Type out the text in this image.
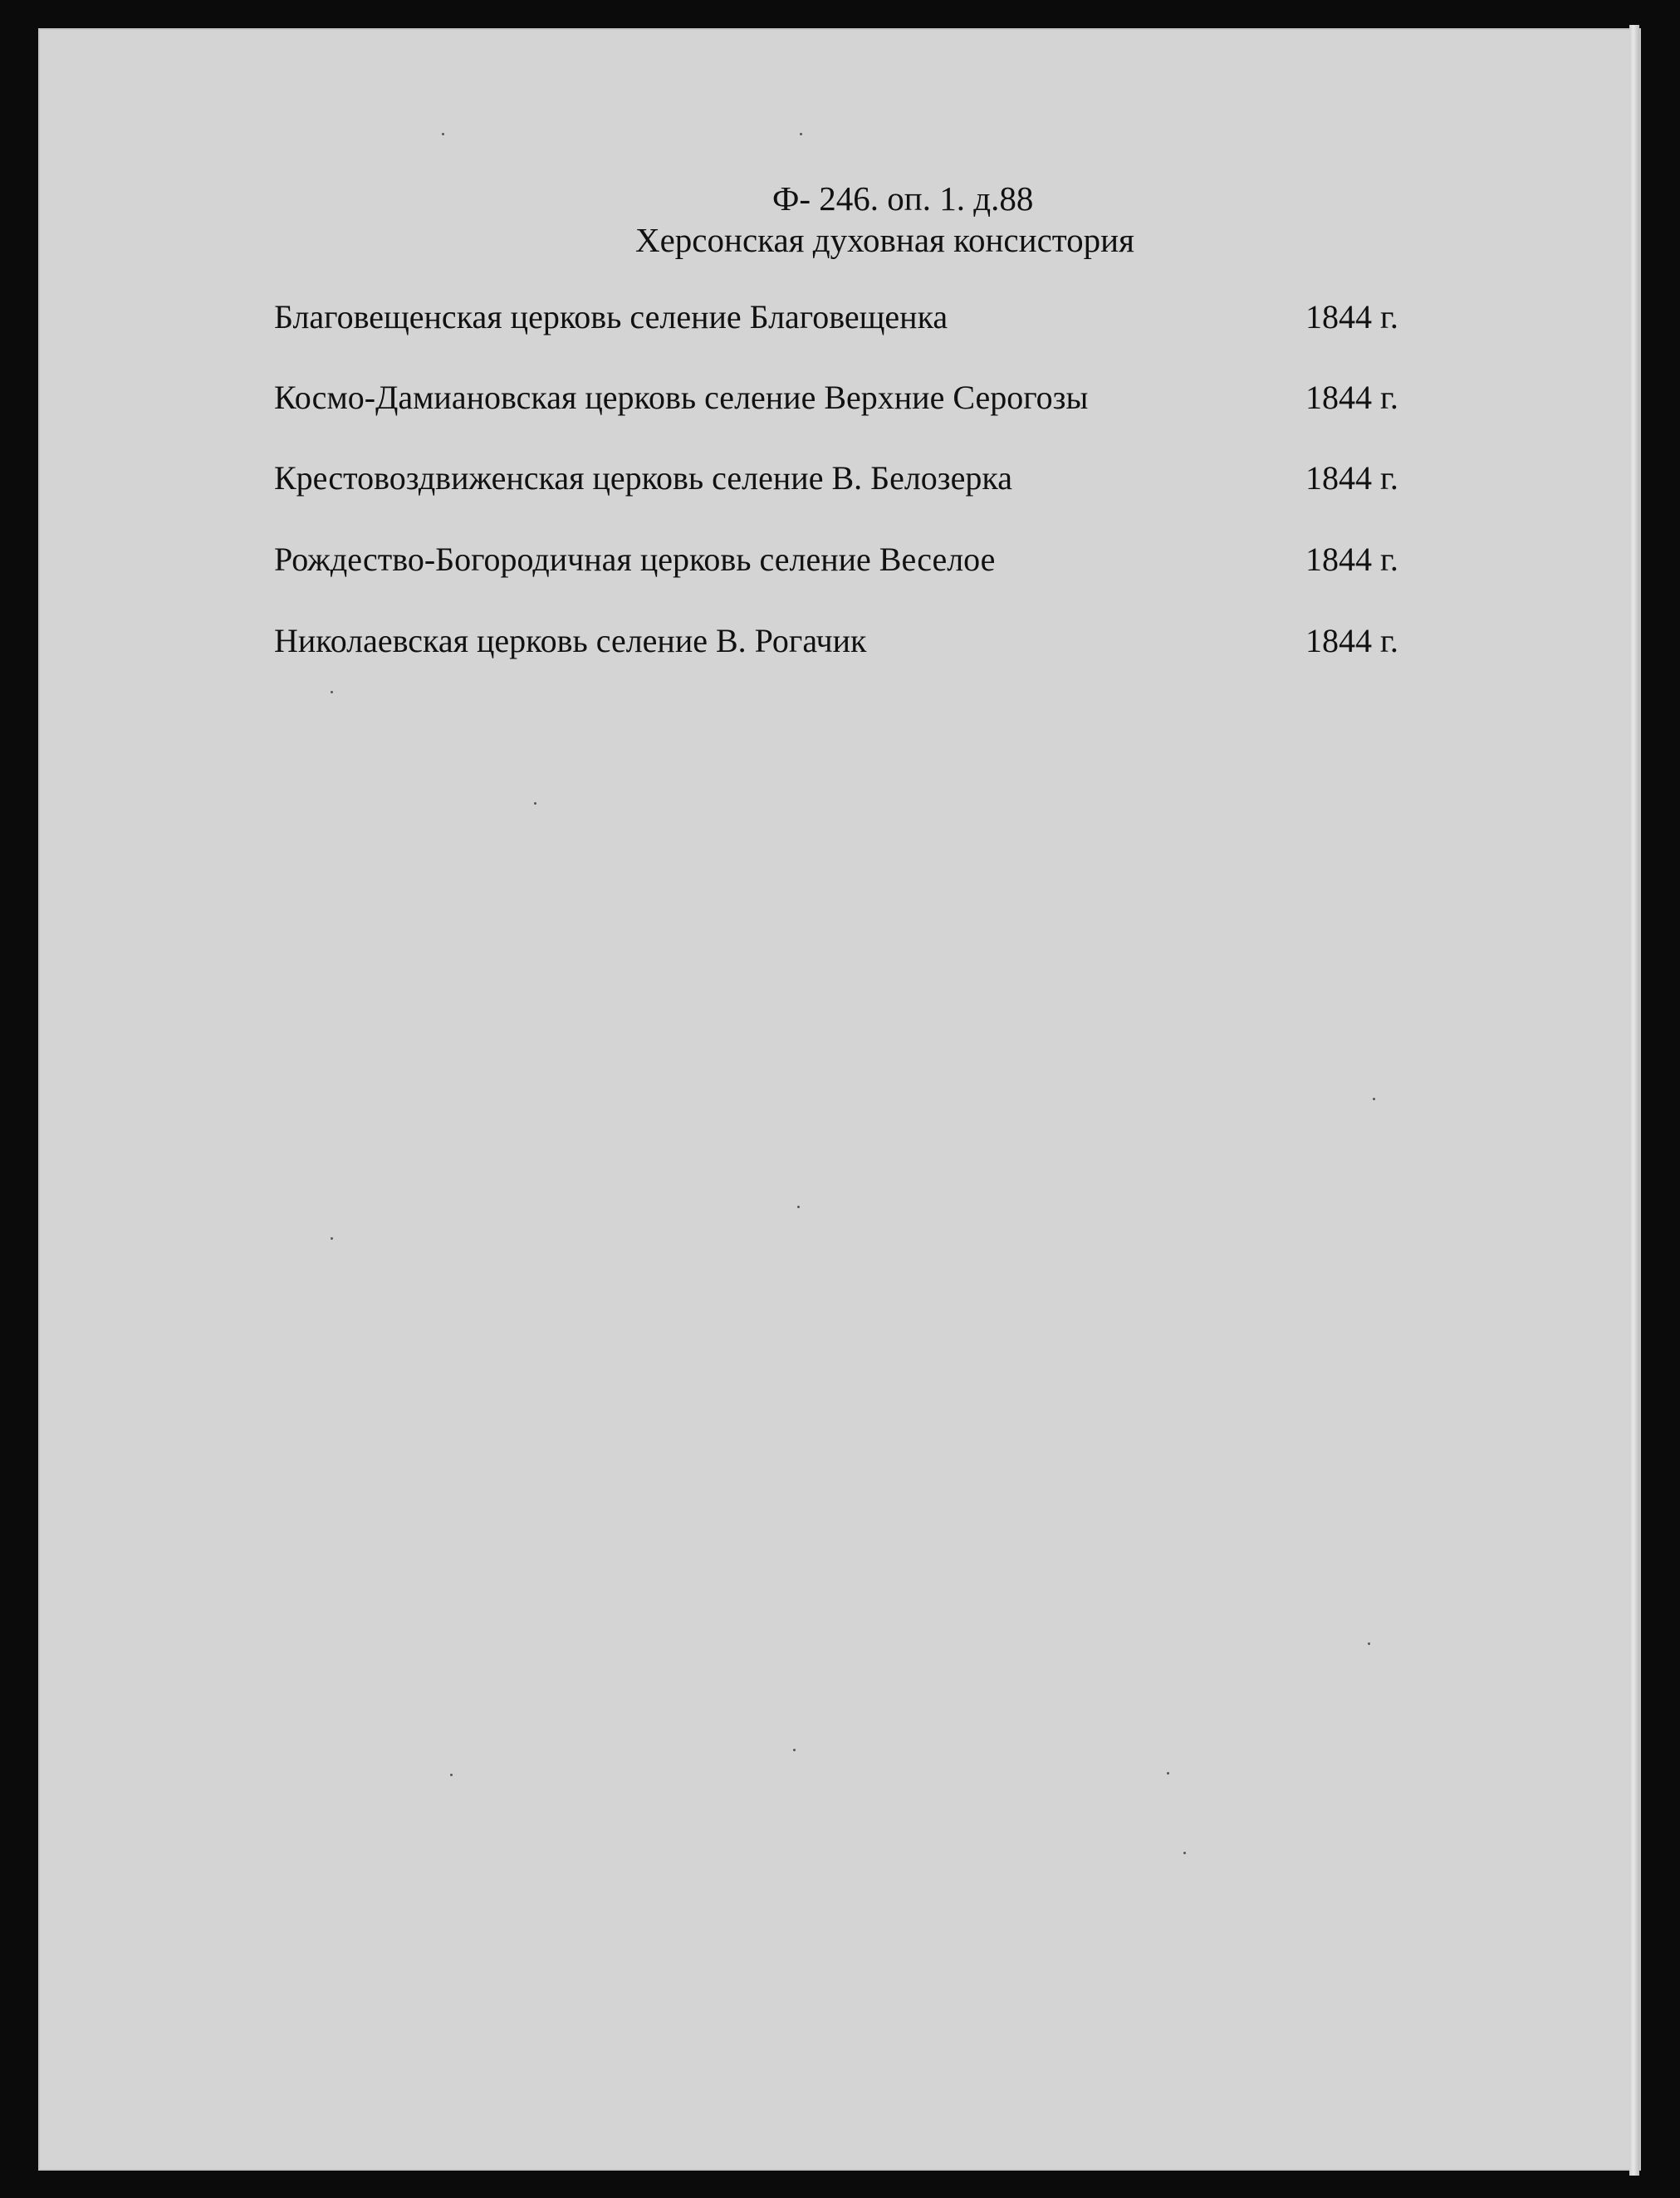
Ф- 246. оп. 1. д.88
Херсонская духовная консистория
Благовещенская церковь селение Благовещенка	1844 г.
Космо-Дамиановская церковь селение Верхние Серогозы	1844 г.
Крестовоздвиженская церковь селение В. Белозерка	1844 г.
Рождество-Богородичная церковь селение Веселое	1844 г.
Николаевская церковь селение В. Рогачик	1844 г.
